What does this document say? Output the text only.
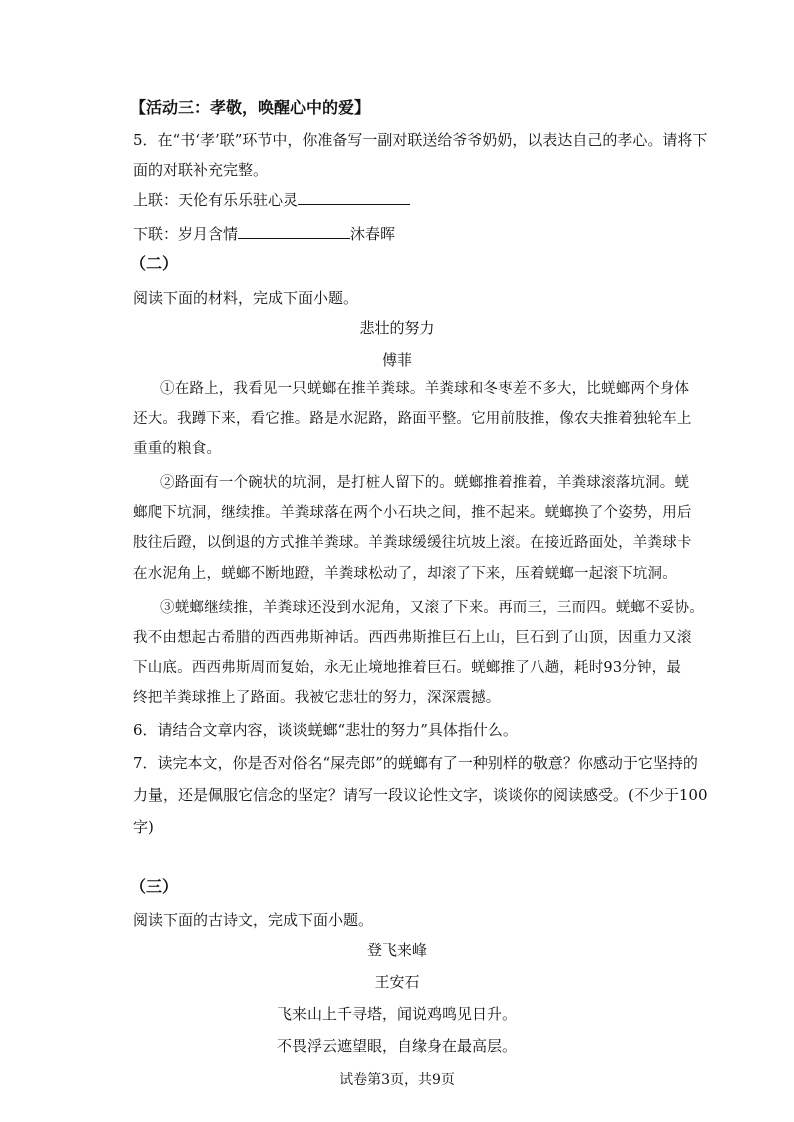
【活动三：孝敬，唤醒心中的爱】
5．在“书‘孝’联”环节中，你准备写一副对联送给爷爷奶奶，以表达自己的孝心。请将下
面的对联补充完整。
上联：天伦有乐乐驻心灵
下联：岁月含情	沐春晖
（二）
阅读下面的材料，完成下面小题。
悲壮的努力
傅菲
①在路上，我看见一只蜣螂在推羊粪球。羊粪球和冬枣差不多大，比蜣螂两个身体
还大。我蹲下来，看它推。路是水泥路，路面平整。它用前肢推，像农夫推着独轮车上
重重的粮食。
②路面有一个碗状的坑洞，是打桩人留下的。蜣螂推着推着，羊粪球滚落坑洞。蜣
螂爬下坑洞，继续推。羊粪球落在两个小石块之间，推不起来。蜣螂换了个姿势，用后
肢往后蹬，以倒退的方式推羊粪球。羊粪球缓缓往坑坡上滚。在接近路面处，羊粪球卡
在水泥角上，蜣螂不断地蹬，羊粪球松动了，却滚了下来，压着蜣螂一起滚下坑洞。
③蜣螂继续推，羊粪球还没到水泥角，又滚了下来。再而三，三而四。蜣螂不妥协。
我不由想起古希腊的西西弗斯神话。西西弗斯推巨石上山，巨石到了山顶，因重力又滚
下山底。西西弗斯周而复始，永无止境地推着巨石。蜣螂推了八趟，耗时93分钟，最
终把羊粪球推上了路面。我被它悲壮的努力，深深震撼。
6．请结合文章内容，谈谈蜣螂“悲壮的努力”具体指什么。
7．读完本文，你是否对俗名“屎壳郎”的蜣螂有了一种别样的敬意？你感动于它坚持的
力量，还是佩服它信念的坚定？请写一段议论性文字，谈谈你的阅读感受。(不少于100
字)
（三）
阅读下面的古诗文，完成下面小题。
登飞来峰
王安石
飞来山上千寻塔，闻说鸡鸣见日升。
不畏浮云遮望眼，自缘身在最高层。
试卷第3页，共9页
